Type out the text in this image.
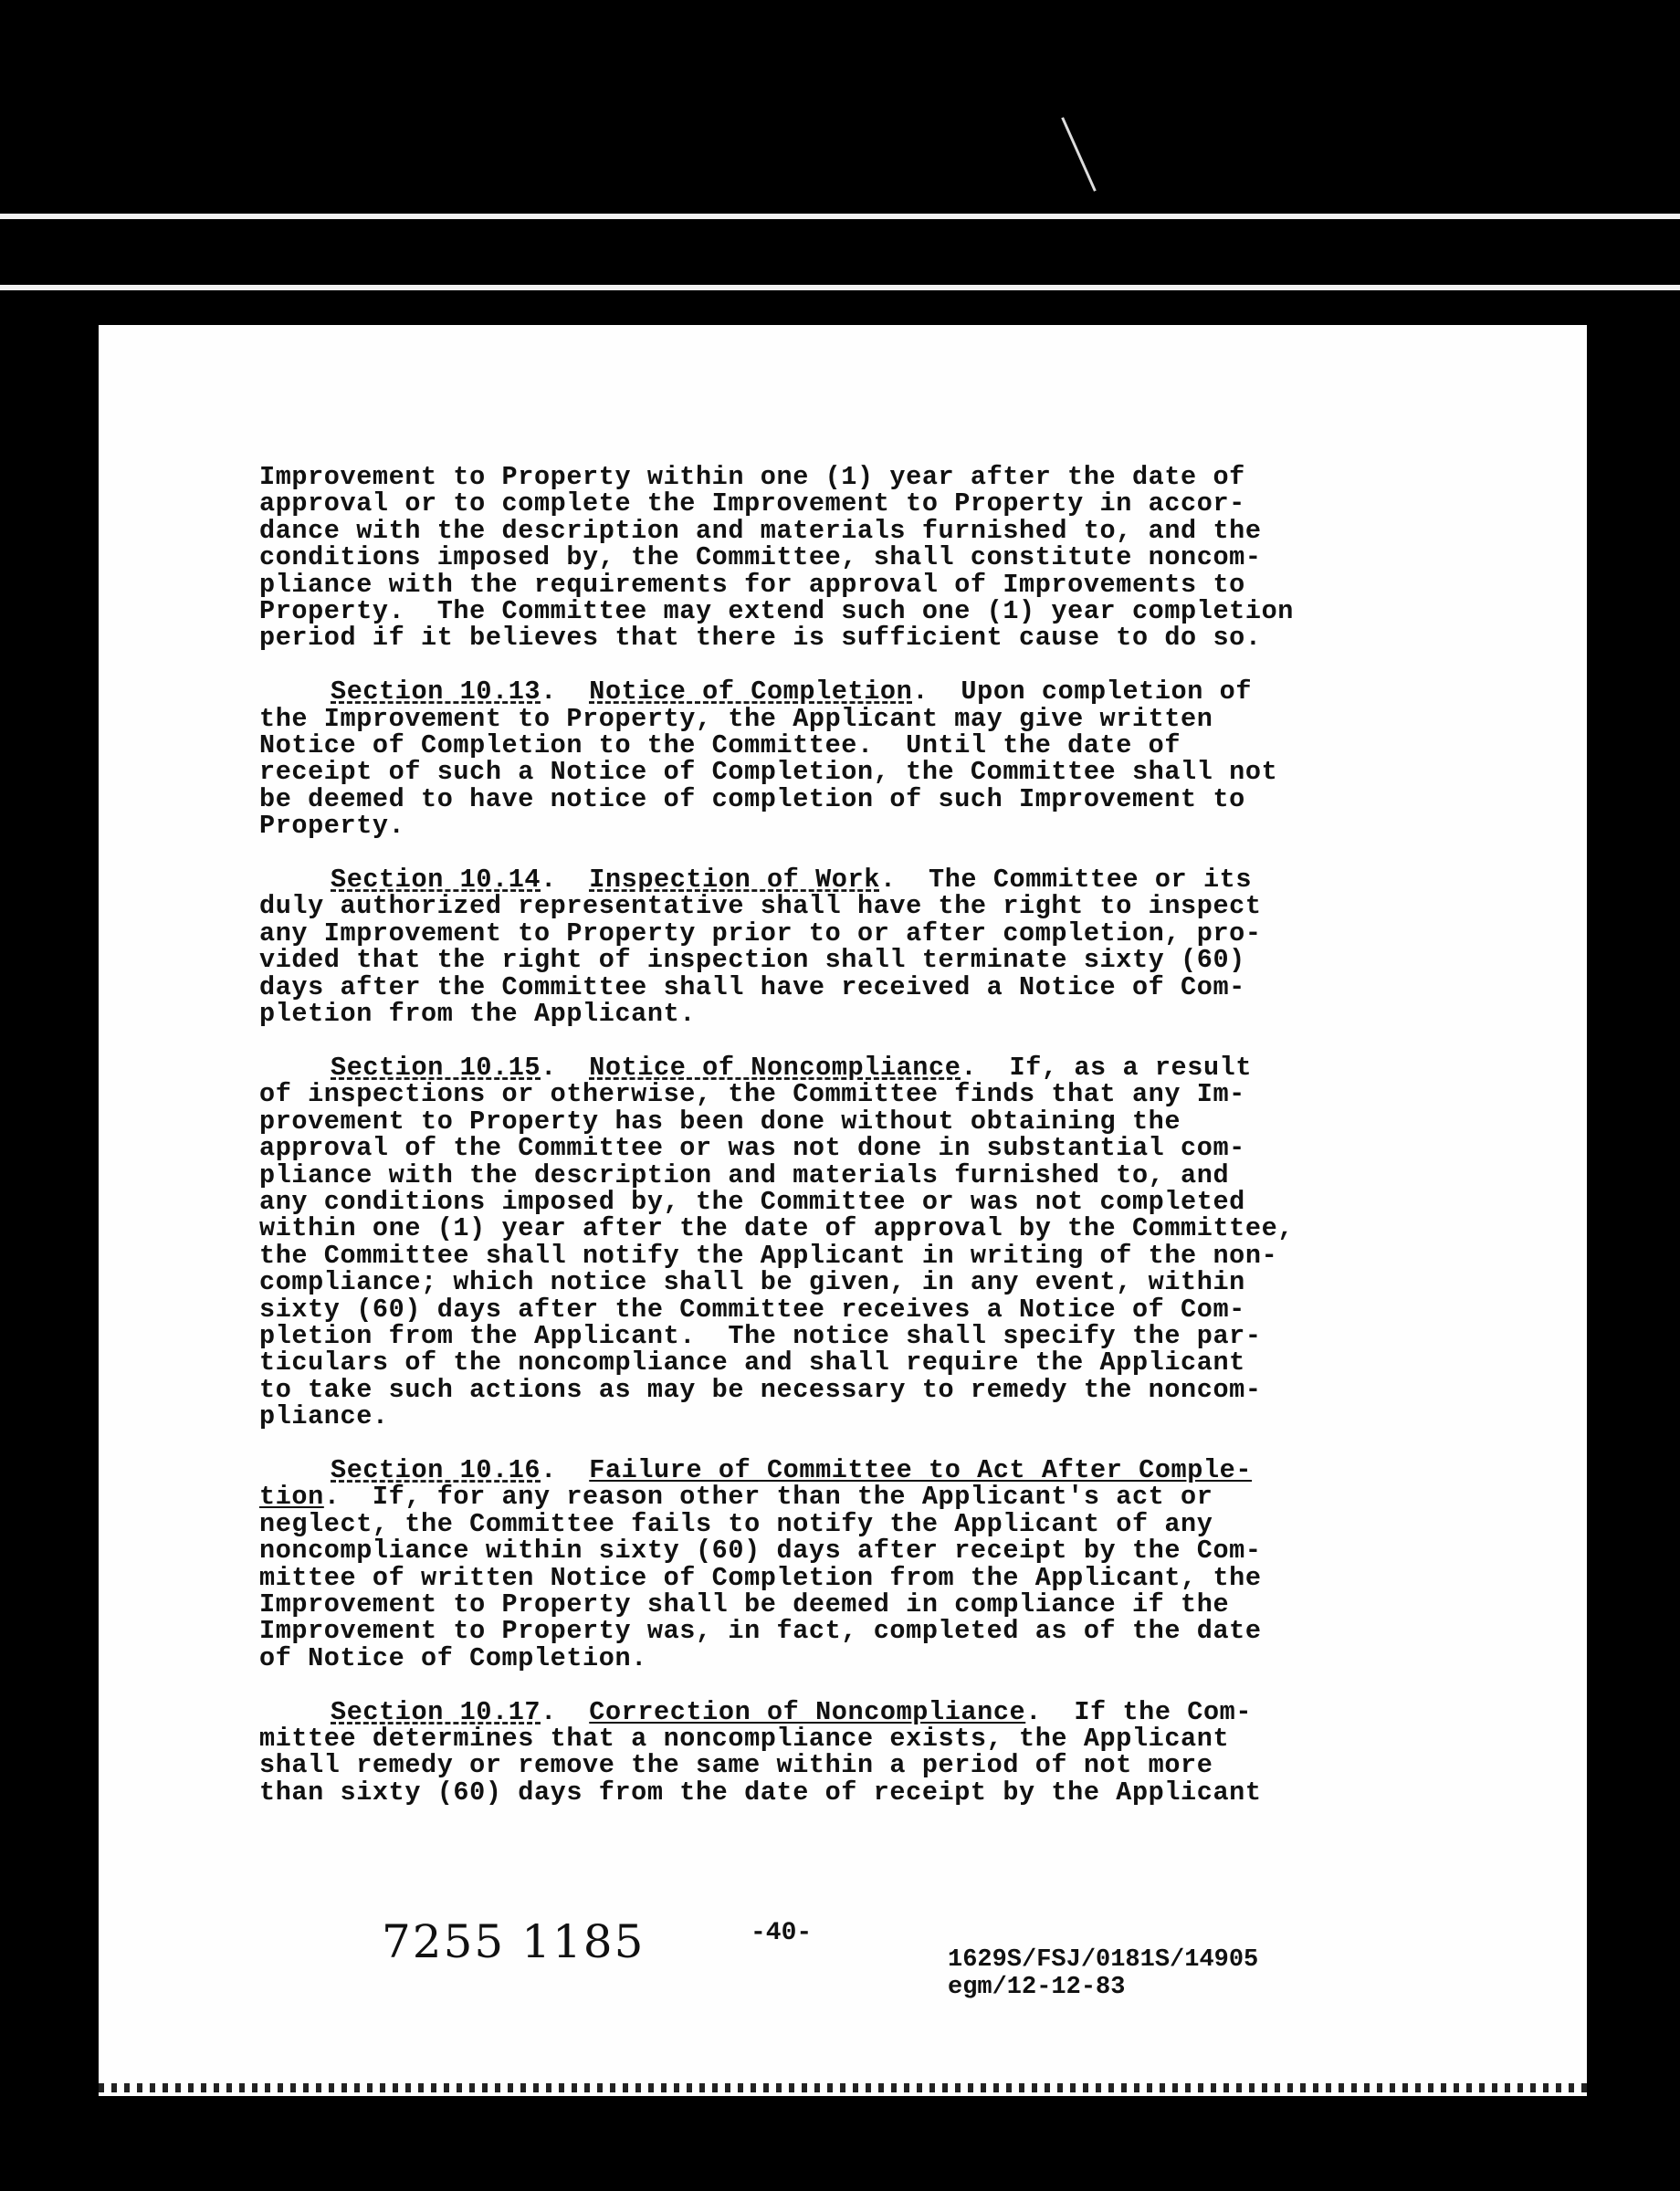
Improvement to Property within one (1) year after the date of
approval or to complete the Improvement to Property in accor-
dance with the description and materials furnished to, and the
conditions imposed by, the Committee, shall constitute noncom-
pliance with the requirements for approval of Improvements to
Property.  The Committee may extend such one (1) year completion
period if it believes that there is sufficient cause to do so.
Section 10.13.  Notice of Completion.  Upon completion of
the Improvement to Property, the Applicant may give written
Notice of Completion to the Committee.  Until the date of
receipt of such a Notice of Completion, the Committee shall not
be deemed to have notice of completion of such Improvement to
Property.
Section 10.14.  Inspection of Work.  The Committee or its
duly authorized representative shall have the right to inspect
any Improvement to Property prior to or after completion, pro-
vided that the right of inspection shall terminate sixty (60)
days after the Committee shall have received a Notice of Com-
pletion from the Applicant.
Section 10.15.  Notice of Noncompliance.  If, as a result
of inspections or otherwise, the Committee finds that any Im-
provement to Property has been done without obtaining the
approval of the Committee or was not done in substantial com-
pliance with the description and materials furnished to, and
any conditions imposed by, the Committee or was not completed
within one (1) year after the date of approval by the Committee,
the Committee shall notify the Applicant in writing of the non-
compliance; which notice shall be given, in any event, within
sixty (60) days after the Committee receives a Notice of Com-
pletion from the Applicant.  The notice shall specify the par-
ticulars of the noncompliance and shall require the Applicant
to take such actions as may be necessary to remedy the noncom-
pliance.
Section 10.16.  Failure of Committee to Act After Comple-
tion.  If, for any reason other than the Applicant's act or
neglect, the Committee fails to notify the Applicant of any
noncompliance within sixty (60) days after receipt by the Com-
mittee of written Notice of Completion from the Applicant, the
Improvement to Property shall be deemed in compliance if the
Improvement to Property was, in fact, completed as of the date
of Notice of Completion.
Section 10.17.  Correction of Noncompliance.  If the Com-
mittee determines that a noncompliance exists, the Applicant
shall remedy or remove the same within a period of not more
than sixty (60) days from the date of receipt by the Applicant
7255 1185	-40-
1629S/FSJ/0181S/14905
egm/12-12-83
